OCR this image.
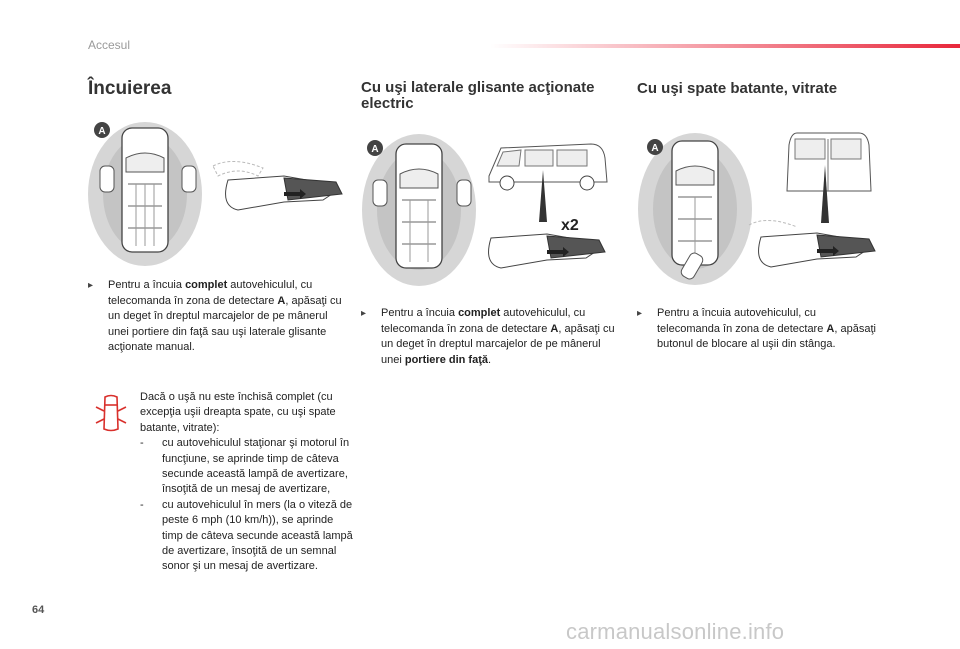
Accesul
Încuierea	Cu uşi laterale glisante acţionate electric
Cu uşi spate batante, vitrate
A
A
x2
A
▸	Pentru a încuia complet autovehiculul, cu telecomanda în zona de detectare A, apăsaţi cu un deget în dreptul marcajelor de pe mânerul unei portiere din faţă sau uşi laterale glisante acţionate manual.
▸	Pentru a încuia complet autovehiculul, cu telecomanda în zona de detectare A, apăsaţi cu un deget în dreptul marcajelor de pe mânerul unei portiere din faţă.
▸	Pentru a încuia autovehiculul, cu telecomanda în zona de detectare A, apăsaţi butonul de blocare al uşii din stânga.

Dacă o uşă nu este închisă complet (cu excepţia uşii dreapta spate, cu uşi spate batante, vitrate):

- cu autovehiculul staţionar şi motorul în funcţiune, se aprinde timp de câteva secunde această lampă de avertizare, însoţită de un mesaj de avertizare,

- cu autovehiculul în mers (la o viteză de peste 6 mph (10 km/h)), se aprinde timp de câteva secunde această lampă de avertizare, însoţită de un semnal sonor şi un mesaj de avertizare.

64
carmanualsonline.info
